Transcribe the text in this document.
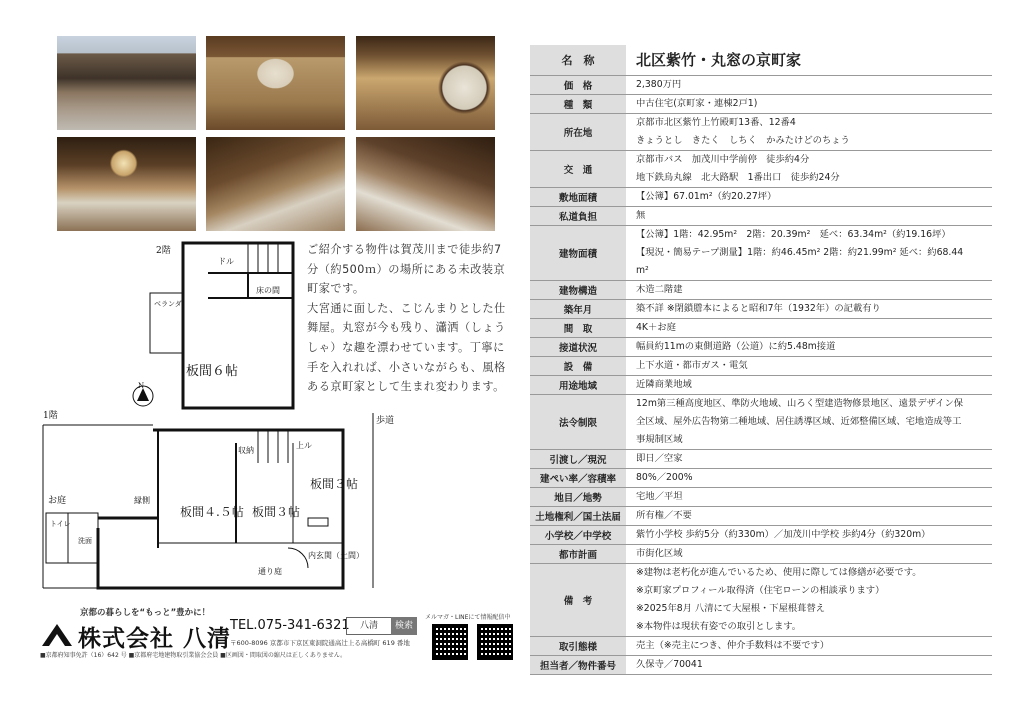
2階
ドル
床の間
ベランダ
板間６帖
N
1階	歩道
収納
上ル
板間３帖
板間４.５帖 板間３帖
縁側
お庭
トイレ
洗面
内玄関（土間）
通り庭

ご紹介する物件は賀茂川まで徒歩約7分（約500ｍ）の場所にある未改装京町家です。

大宮通に面した、こじんまりとした仕舞屋。丸窓が今も残り、瀟洒（しょうしゃ）な趣を漂わせています。丁寧に手を入れれば、小さいながらも、風格ある京町家として生まれ変わります。

京都の暮らしを“もっと”豊かに！
株式会社 八清
TEL.075-341-6321	八清	検索
メルマガ・LINEにて情報配信中
〒600-8096 京都市下京区東洞院通高辻上る高橋町 619 番地
■京都府知事免許（16）642 号 ■京都府宅地建物取引業協会会員 ■区画図・間取図の縮尺は正しくありません。
名　称	北区紫竹・丸窓の京町家

価　格	2,380万円

種　類	中古住宅(京町家・連棟2戸1)

所在地	京都市北区紫竹上竹殿町13番、12番4
きょうとし　きたく　しちく　かみたけどのちょう

交　通	京都市バス　加茂川中学前停　徒歩約4分
地下鉄烏丸線　北大路駅　1番出口　徒歩約24分

敷地面積	【公簿】67.01m²（約20.27坪）

私道負担	無

建物面積	【公簿】1階：42.95m²　2階：20.39m²　延べ：63.34m²（約19.16坪）
【現況・簡易テープ測量】1階：約46.45m² 2階：約21.99m² 延べ：約68.44
m²

建物構造	木造二階建

築年月	築不詳 ※閉鎖謄本によると昭和7年（1932年）の記載有り

間　取	4K＋お庭

接道状況	幅員約11mの東側道路（公道）に約5.48m接道

設　備	上下水道・都市ガス・電気

用途地域	近隣商業地域

法令制限	12m第三種高度地区、準防火地域、山ろく型建造物修景地区、遠景デザイン保
全区域、屋外広告物第二種地域、居住誘導区域、近郊整備区域、宅地造成等工
事規制区域

引渡し／現況	即日／空家

建ぺい率／容積率	80%／200%

地目／地勢	宅地／平坦

土地権利／国土法届	所有権／不要

小学校／中学校	紫竹小学校 歩約5分（約330m）／加茂川中学校 歩約4分（約320m）

都市計画	市街化区域

備　考	※建物は老朽化が進んでいるため、使用に際しては修繕が必要です。
※京町家プロフィール取得済（住宅ローンの相談承ります）
※2025年8月 八清にて大屋根・下屋根葺替え
※本物件は現状有姿での取引とします。

取引態様	売主（※売主につき、仲介手数料は不要です）

担当者／物件番号	久保寺／70041
